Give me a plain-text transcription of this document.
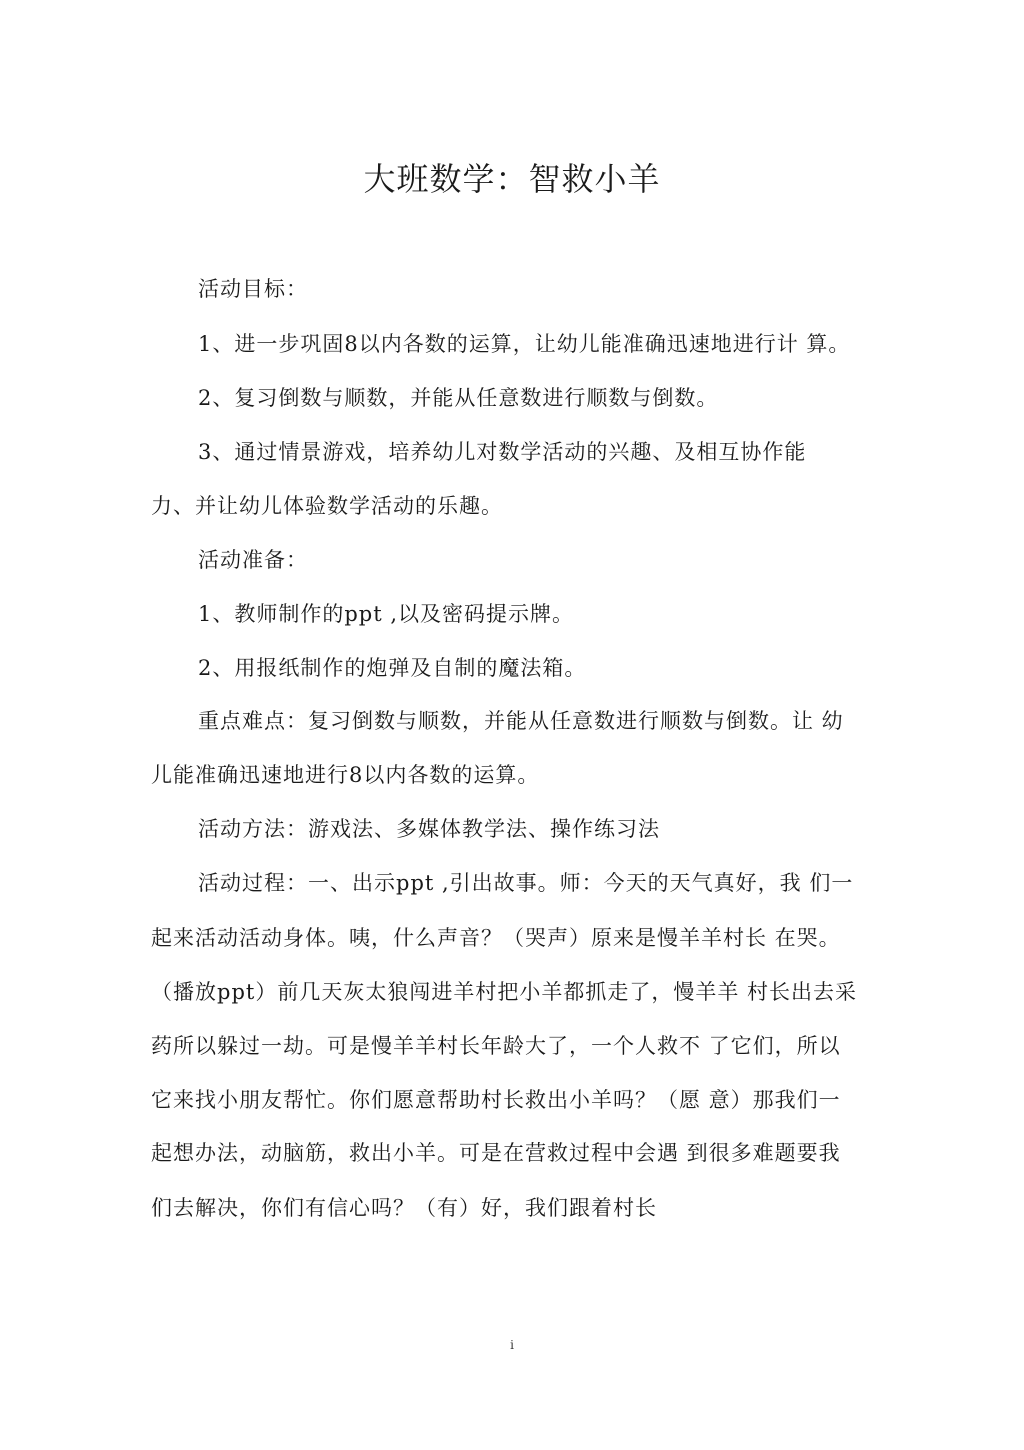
大班数学：智救小羊
活动目标：
1、进一步巩固8以内各数的运算，让幼儿能准确迅速地进行计 算。
2、复习倒数与顺数，并能从任意数进行顺数与倒数。
3、通过情景游戏，培养幼儿对数学活动的兴趣、及相互协作能
力、并让幼儿体验数学活动的乐趣。
活动准备：
1、教师制作的ppt ,以及密码提示牌。
2、用报纸制作的炮弹及自制的魔法箱。
重点难点：复习倒数与顺数，并能从任意数进行顺数与倒数。让 幼
儿能准确迅速地进行8以内各数的运算。
活动方法：游戏法、多媒体教学法、操作练习法
活动过程：一、出示ppt ,引出故事。师：今天的天气真好，我 们一
起来活动活动身体。咦，什么声音？（哭声）原来是慢羊羊村长 在哭。
（播放ppt）前几天灰太狼闯进羊村把小羊都抓走了，慢羊羊 村长出去采
药所以躲过一劫。可是慢羊羊村长年龄大了，一个人救不 了它们，所以
它来找小朋友帮忙。你们愿意帮助村长救出小羊吗？（愿 意）那我们一
起想办法，动脑筋，救出小羊。可是在营救过程中会遇 到很多难题要我
们去解决，你们有信心吗？（有）好，我们跟着村长
i
